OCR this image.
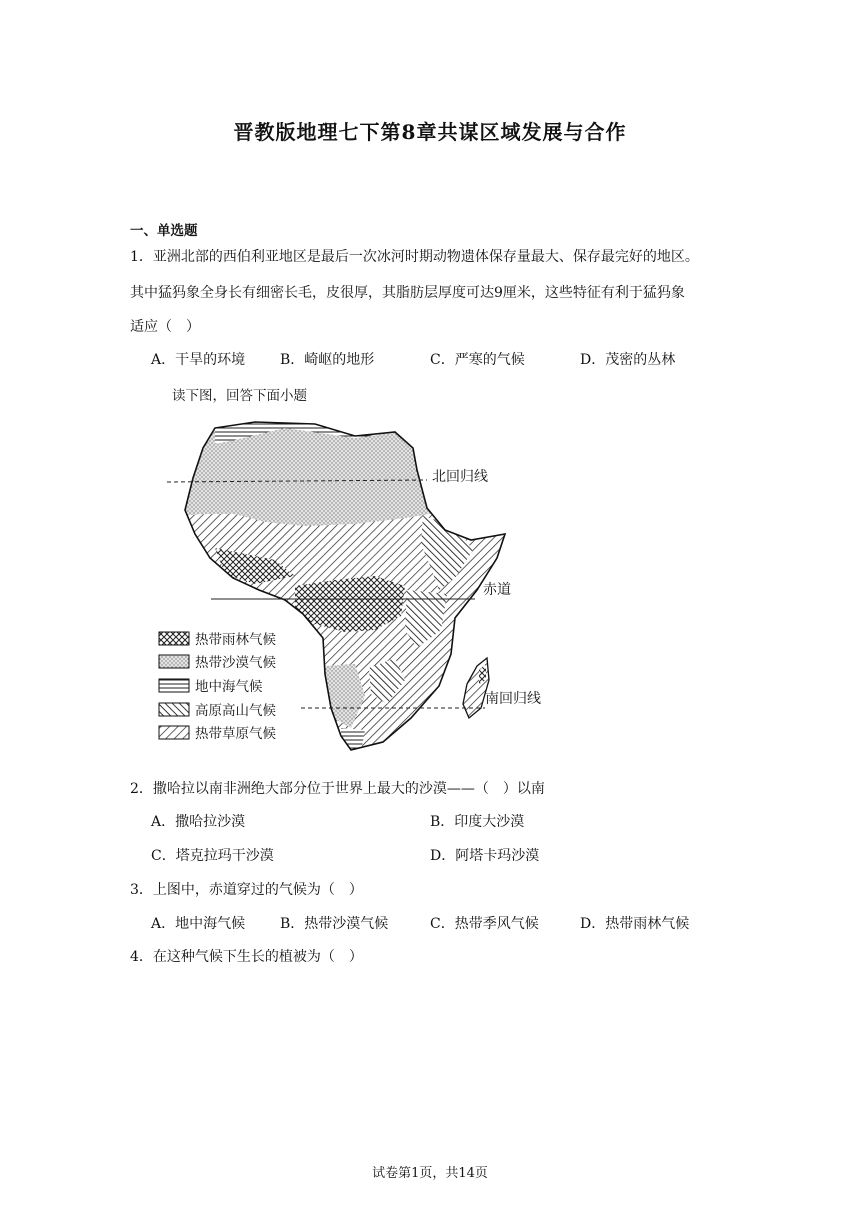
晋教版地理七下第8章共谋区域发展与合作
一、单选题
1．亚洲北部的西伯利亚地区是最后一次冰河时期动物遗体保存量最大、保存最完好的地区。
其中猛犸象全身长有细密长毛，皮很厚，其脂肪层厚度可达9厘米，这些特征有利于猛犸象
适应（　）
A．干旱的环境 B．崎岖的地形	C．严寒的气候	D．茂密的丛林
读下图，回答下面小题
北回归线
赤道
南回归线
热带雨林气候
热带沙漠气候
地中海气候
高原高山气候
热带草原气候
2．撒哈拉以南非洲绝大部分位于世界上最大的沙漠——（　）以南
A．撒哈拉沙漠	B．印度大沙漠
C．塔克拉玛干沙漠	D．阿塔卡玛沙漠
3．上图中，赤道穿过的气候为（　）
A．地中海气候 B．热带沙漠气候	C．热带季风气候	D．热带雨林气候
4．在这种气候下生长的植被为（　）
试卷第1页，共14页
